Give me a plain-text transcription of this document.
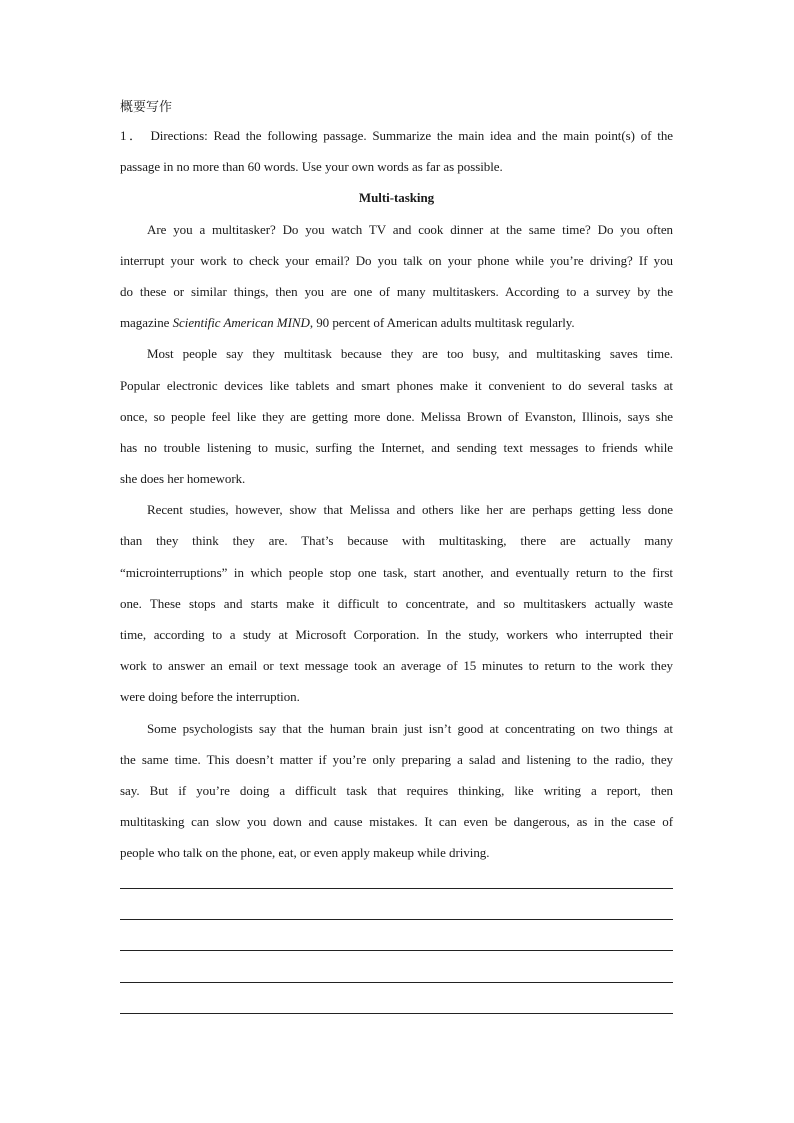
概要写作
1． Directions: Read the following passage. Summarize the main idea and the main point(s) of the
passage in no more than 60 words. Use your own words as far as possible.
Multi-tasking
Are you a multitasker? Do you watch TV and cook dinner at the same time? Do you often
interrupt your work to check your email? Do you talk on your phone while you’re driving? If you
do these or similar things, then you are one of many multitaskers. According to a survey by the
magazine Scientific American MIND, 90 percent of American adults multitask regularly.
Most people say they multitask because they are too busy, and multitasking saves time.
Popular electronic devices like tablets and smart phones make it convenient to do several tasks at
once, so people feel like they are getting more done. Melissa Brown of Evanston, Illinois, says she
has no trouble listening to music, surfing the Internet, and sending text messages to friends while
she does her homework.
Recent studies, however, show that Melissa and others like her are perhaps getting less done
than they think they are. That’s because with multitasking, there are actually many
“microinterruptions” in which people stop one task, start another, and eventually return to the first
one. These stops and starts make it difficult to concentrate, and so multitaskers actually waste
time, according to a study at Microsoft Corporation. In the study, workers who interrupted their
work to answer an email or text message took an average of 15 minutes to return to the work they
were doing before the interruption.
Some psychologists say that the human brain just isn’t good at concentrating on two things at
the same time. This doesn’t matter if you’re only preparing a salad and listening to the radio, they
say. But if you’re doing a difficult task that requires thinking, like writing a report, then
multitasking can slow you down and cause mistakes. It can even be dangerous, as in the case of
people who talk on the phone, eat, or even apply makeup while driving.
